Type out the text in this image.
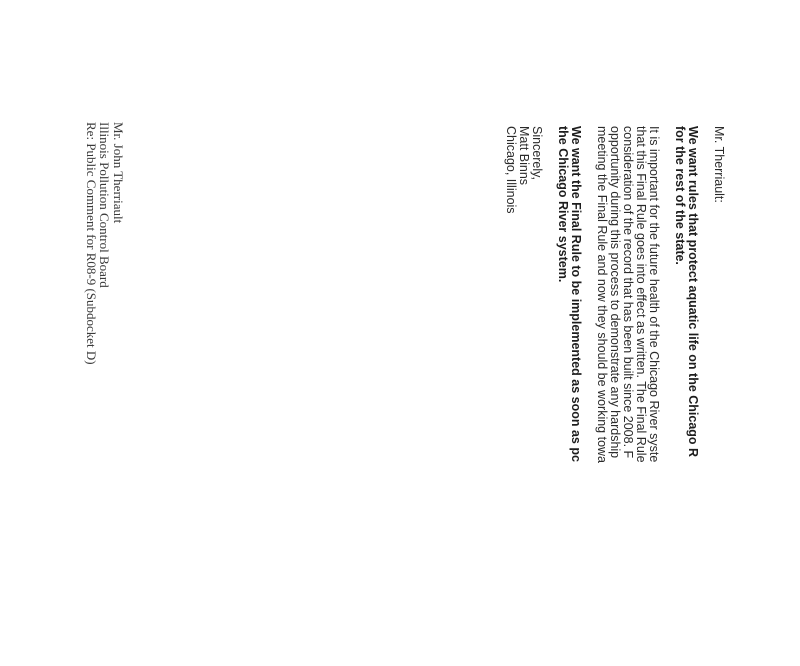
Mr. Therriault:

We want rules that protect aquatic life on the Chicago R

for the rest of the state.

It is important for the future health of the Chicago River syste

that this Final Rule goes into effect as written. The Final Rule

consideration of the record that has been built since 2008. F

opportunity during this process to demonstrate any hardship

meeting the Final Rule and now they should be working towa

We want the Final Rule to be implemented as soon as pc

the Chicago River system.

Sincerely,

Matt Binns

Chicago, Illinois

Mr. John Therriault

Illinois Pollution Control Board

Re: Public Comment for R08-9 (Subdocket D)
